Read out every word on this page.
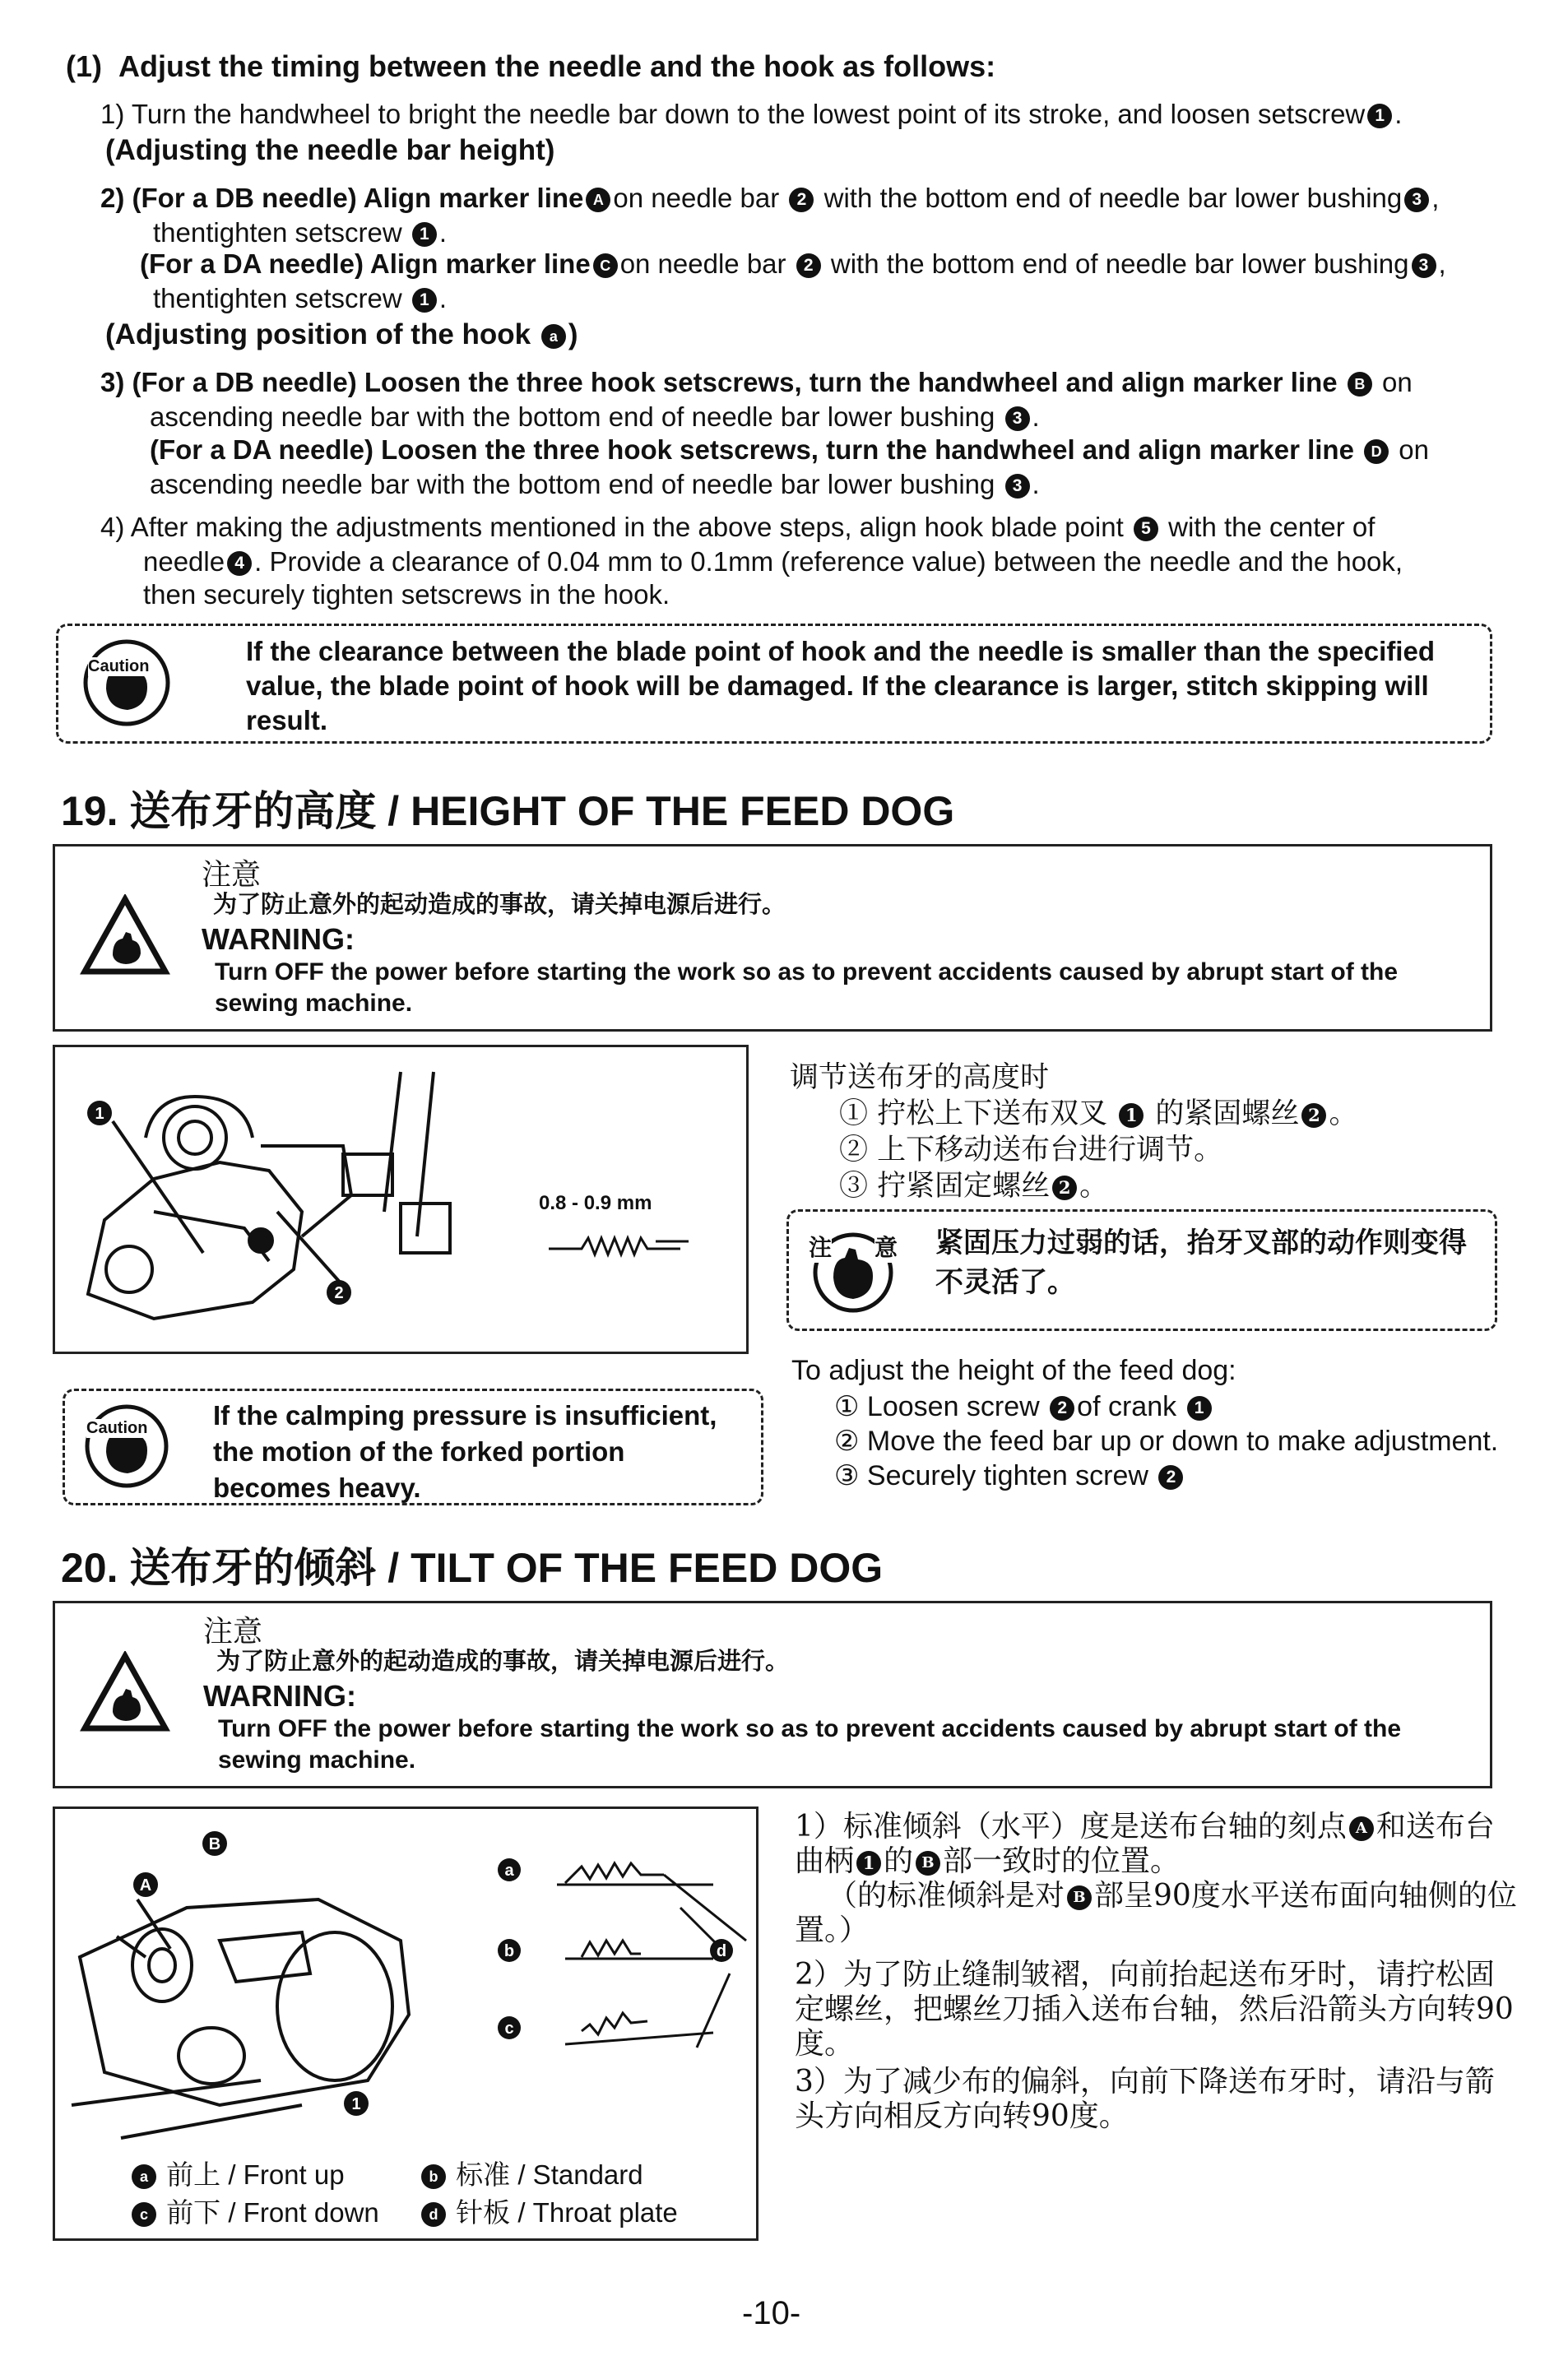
(1) Adjust the timing between the needle and the hook as follows:
1) Turn the handwheel to bright the needle bar down to the lowest point of its stroke, and loosen setscrew 1 .
(Adjusting the needle bar height)
2) (For a DB needle) Align marker line A on needle bar 2 with the bottom end of needle bar lower bushing 3 ,
thentighten setscrew 1 .
(For a DA needle) Align marker line C on needle bar 2 with the bottom end of needle bar lower bushing 3 ,
thentighten setscrew 1 .
(Adjusting position of the hook a )
3) (For a DB needle) Loosen the three hook setscrews, turn the handwheel and align marker line B on
ascending needle bar with the bottom end of needle bar lower bushing 3 .
(For a DA needle) Loosen the three hook setscrews, turn the handwheel and align marker line D on
ascending needle bar with the bottom end of needle bar lower bushing 3 .
4) After making the adjustments mentioned in the above steps, align hook blade point 5 with the center of
needle 4 . Provide a clearance of 0.04 mm to 0.1mm (reference value) between the needle and the hook,
then securely tighten setscrews in the hook.
Caution	If the clearance between the blade point of hook and the needle is smaller than the specified value, the blade point of hook will be damaged. If the clearance is larger, stitch skipping will result.
19. 送布牙的高度 / HEIGHT OF THE FEED DOG
注意
为了防止意外的起动造成的事故，请关掉电源后进行。
WARNING:
Turn OFF the power before starting the work so as to prevent accidents caused by abrupt start of the sewing machine.
1
2
0.8 - 0.9 mm
调节送布牙的高度时
① 拧松上下送布双叉 1 的紧固螺丝 2 。
② 上下移动送布台进行调节。
③ 拧紧固定螺丝 2 。
注 意 紧固压力过弱的话，抬牙叉部的动作则变得不灵活了。
To adjust the height of the feed dog:
① Loosen screw 2 of crank 1
② Move the feed bar up or down to make adjustment.
③ Securely tighten screw 2
Caution If the calmping pressure is insufficient, the motion of the forked portion becomes heavy.
20. 送布牙的倾斜 / TILT OF THE FEED DOG
注意
为了防止意外的起动造成的事故，请关掉电源后进行。
WARNING:
Turn OFF the power before starting the work so as to prevent accidents caused by abrupt start of the sewing machine.
B
A
1
a
b
c
d
a 前上 / Front up	b 标准 / Standard
c 前下 / Front down	d 针板 / Throat plate
1）标准倾斜（水平）度是送布台轴的刻点 A 和送布台曲柄 1 的 B 部一致时的位置。
（的标准倾斜是对 B 部呈90度水平送布面向轴侧的位置。）
2）为了防止缝制皱褶，向前抬起送布牙时，请拧松固定螺丝，把螺丝刀插入送布台轴，然后沿箭头方向转90度。
3）为了减少布的偏斜，向前下降送布牙时，请沿与箭头方向相反方向转90度。
-10-
